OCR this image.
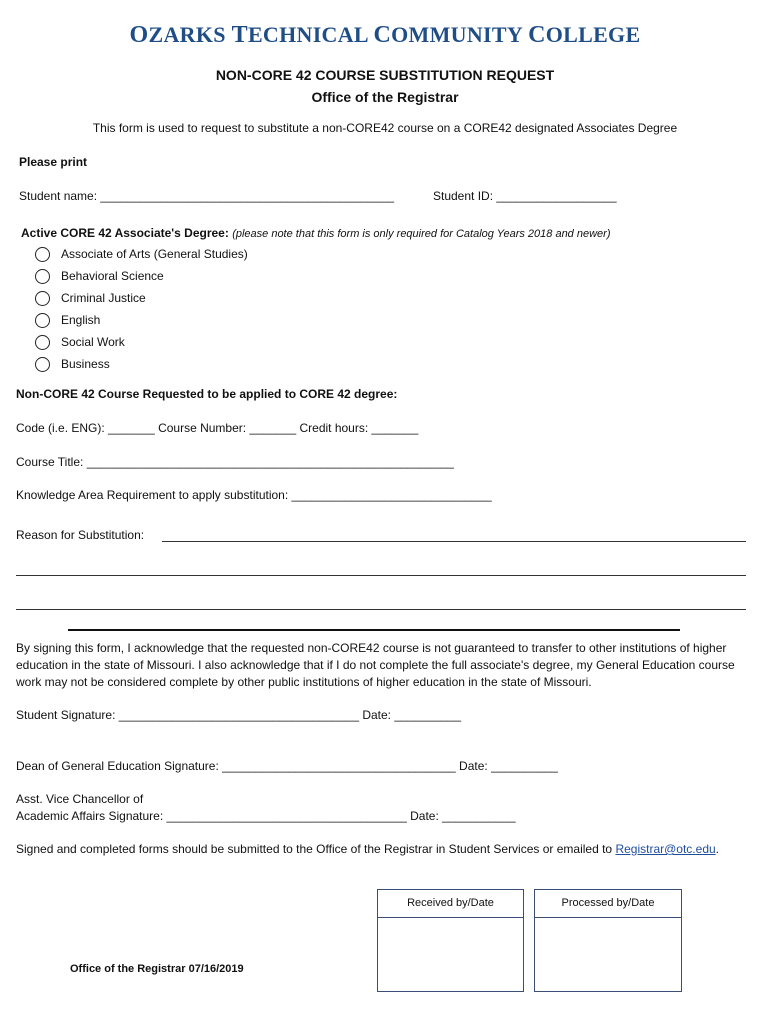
OZARKS TECHNICAL COMMUNITY COLLEGE
NON-CORE 42 COURSE SUBSTITUTION REQUEST
Office of the Registrar
This form is used to request to substitute a non-CORE42 course on a CORE42 designated Associates Degree
Please print
Student name: ____________________________________________	Student ID: __________________
Active CORE 42 Associate's Degree: (please note that this form is only required for Catalog Years 2018 and newer)
Associate of Arts (General Studies)
Behavioral Science
Criminal Justice
English
Social Work
Business
Non-CORE 42 Course Requested to be applied to CORE 42 degree:
Code (i.e. ENG): _______ Course Number: _______ Credit hours: _______
Course Title: _______________________________________________________
Knowledge Area Requirement to apply substitution: ______________________________
Reason for Substitution:
By signing this form, I acknowledge that the requested non-CORE42 course is not guaranteed to transfer to other institutions of higher education in the state of Missouri. I also acknowledge that if I do not complete the full associate's degree, my General Education course work may not be considered complete by other public institutions of higher education in the state of Missouri.
Student Signature: ____________________________________ Date: __________
Dean of General Education Signature: ___________________________________ Date: __________
Asst. Vice Chancellor of
Academic Affairs Signature: ____________________________________ Date: ___________
Signed and completed forms should be submitted to the Office of the Registrar in Student Services or emailed to Registrar@otc.edu.
Received by/Date	Processed by/Date
Office of the Registrar 07/16/2019
